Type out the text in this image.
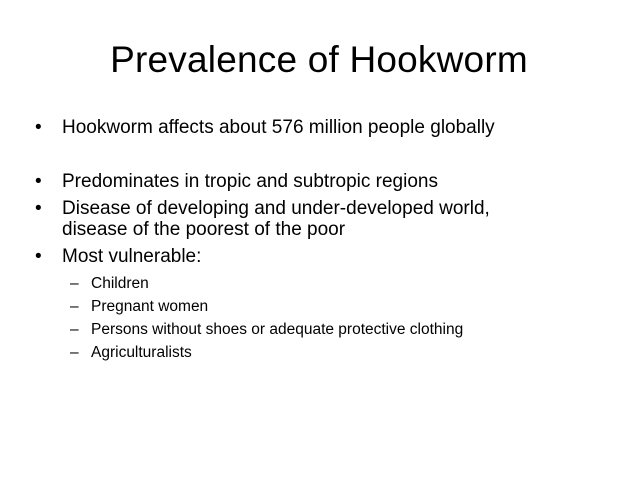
Prevalence of Hookworm
•	Hookworm affects about 576 million people globally
•	Predominates in tropic and subtropic regions
•	Disease of developing and under-developed world,
disease of the poorest of the poor
•	Most vulnerable:
– Children
– Pregnant women
– Persons without shoes or adequate protective clothing
– Agriculturalists
